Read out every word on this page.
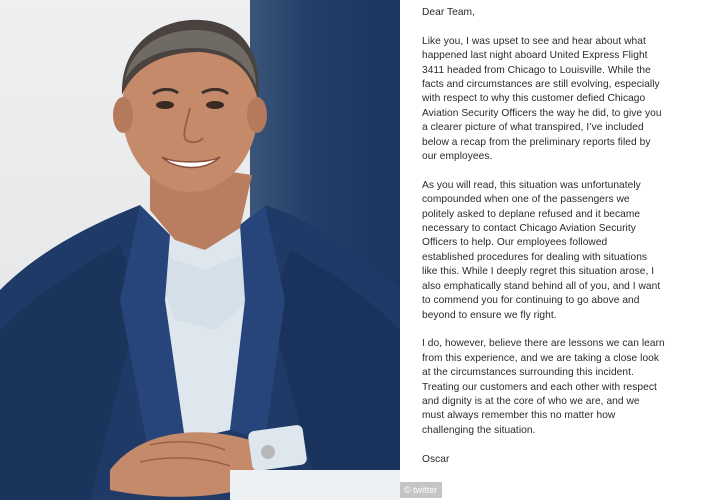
Dear Team,
Like you, I was upset to see and hear about what
happened last night aboard United Express Flight
3411 headed from Chicago to Louisville. While the
facts and circumstances are still evolving, especially
with respect to why this customer defied Chicago
Aviation Security Officers the way he did, to give you
a clearer picture of what transpired, I’ve included
below a recap from the preliminary reports filed by
our employees.
As you will read, this situation was unfortunately
compounded when one of the passengers we
politely asked to deplane refused and it became
necessary to contact Chicago Aviation Security
Officers to help. Our employees followed
established procedures for dealing with situations
like this. While I deeply regret this situation arose, I
also emphatically stand behind all of you, and I want
to commend you for continuing to go above and
beyond to ensure we fly right.
I do, however, believe there are lessons we can learn
from this experience, and we are taking a close look
at the circumstances surrounding this incident.
Treating our customers and each other with respect
and dignity is at the core of who we are, and we
must always remember this no matter how
challenging the situation.
Oscar
© twitter
